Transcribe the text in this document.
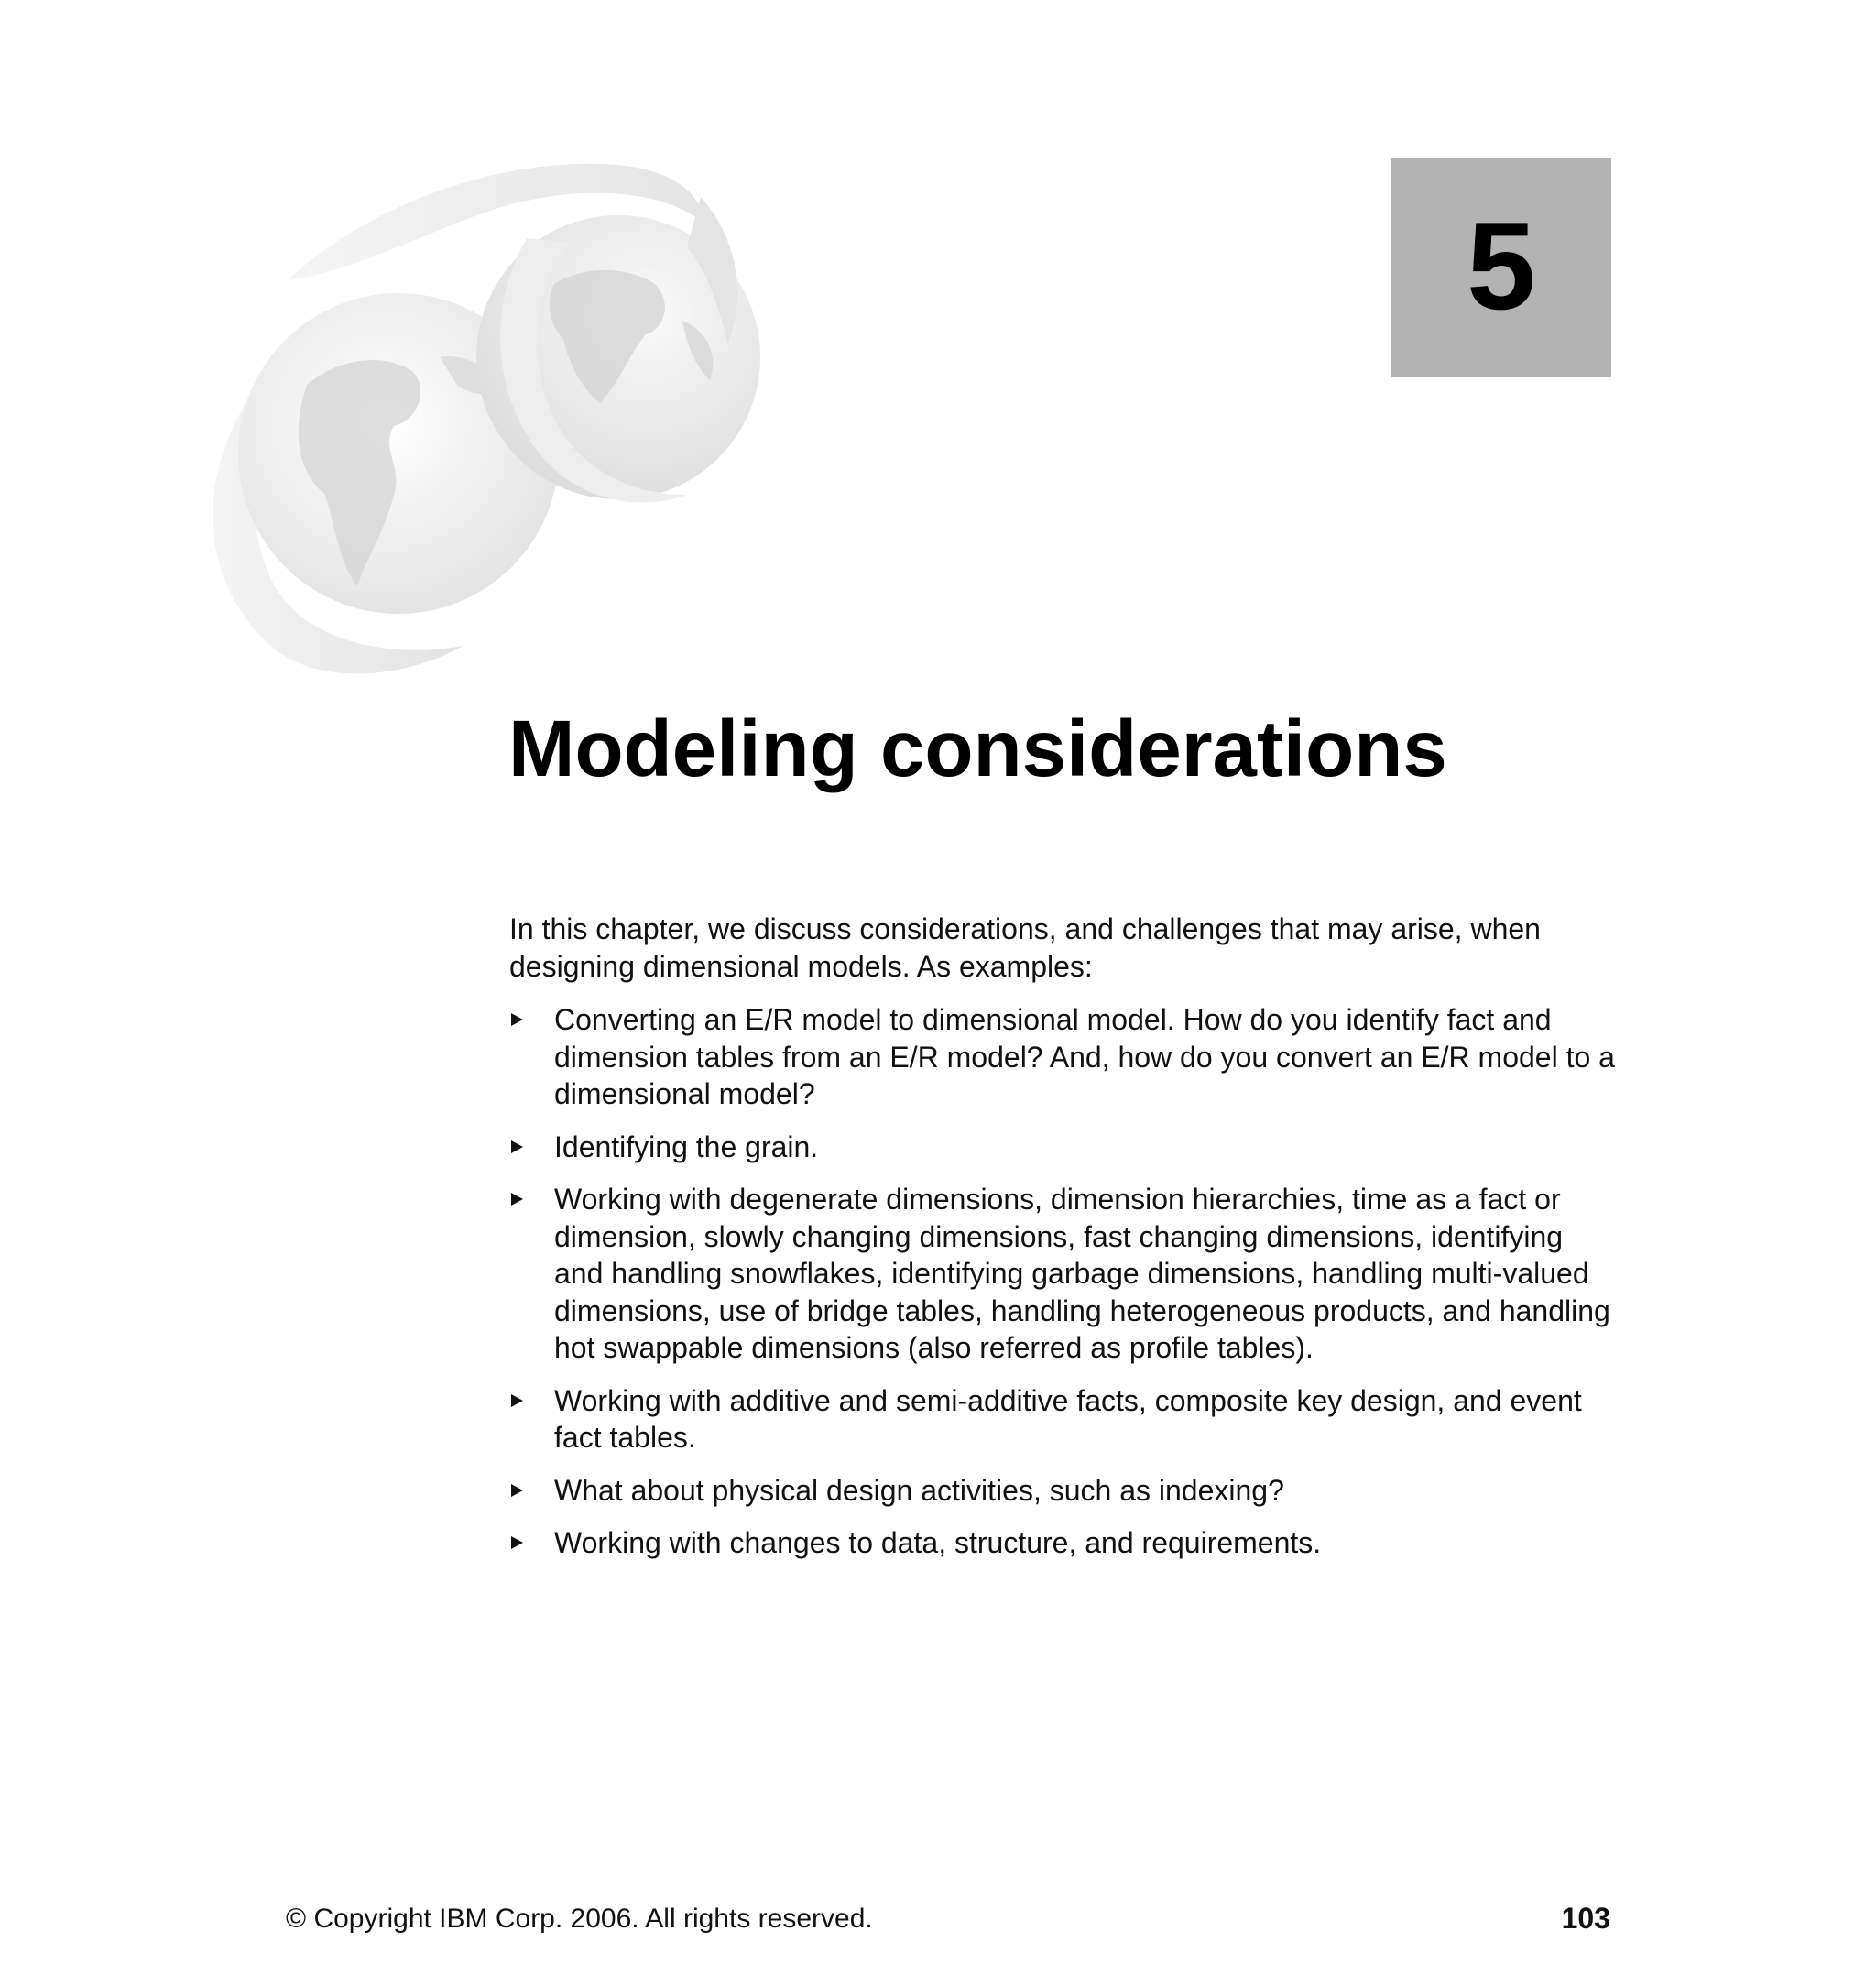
5
Modeling considerations

In this chapter, we discuss considerations, and challenges that may arise, when designing dimensional models. As examples:

Converting an E/R model to dimensional model. How do you identify fact and dimension tables from an E/R model? And, how do you convert an E/R model to a dimensional model?
Identifying the grain.
Working with degenerate dimensions, dimension hierarchies, time as a fact or dimension, slowly changing dimensions, fast changing dimensions, identifying and handling snowflakes, identifying garbage dimensions, handling multi-valued dimensions, use of bridge tables, handling heterogeneous products, and handling hot swappable dimensions (also referred as profile tables).
Working with additive and semi-additive facts, composite key design, and event fact tables.
What about physical design activities, such as indexing?
Working with changes to data, structure, and requirements.
© Copyright IBM Corp. 2006. All rights reserved.	103
